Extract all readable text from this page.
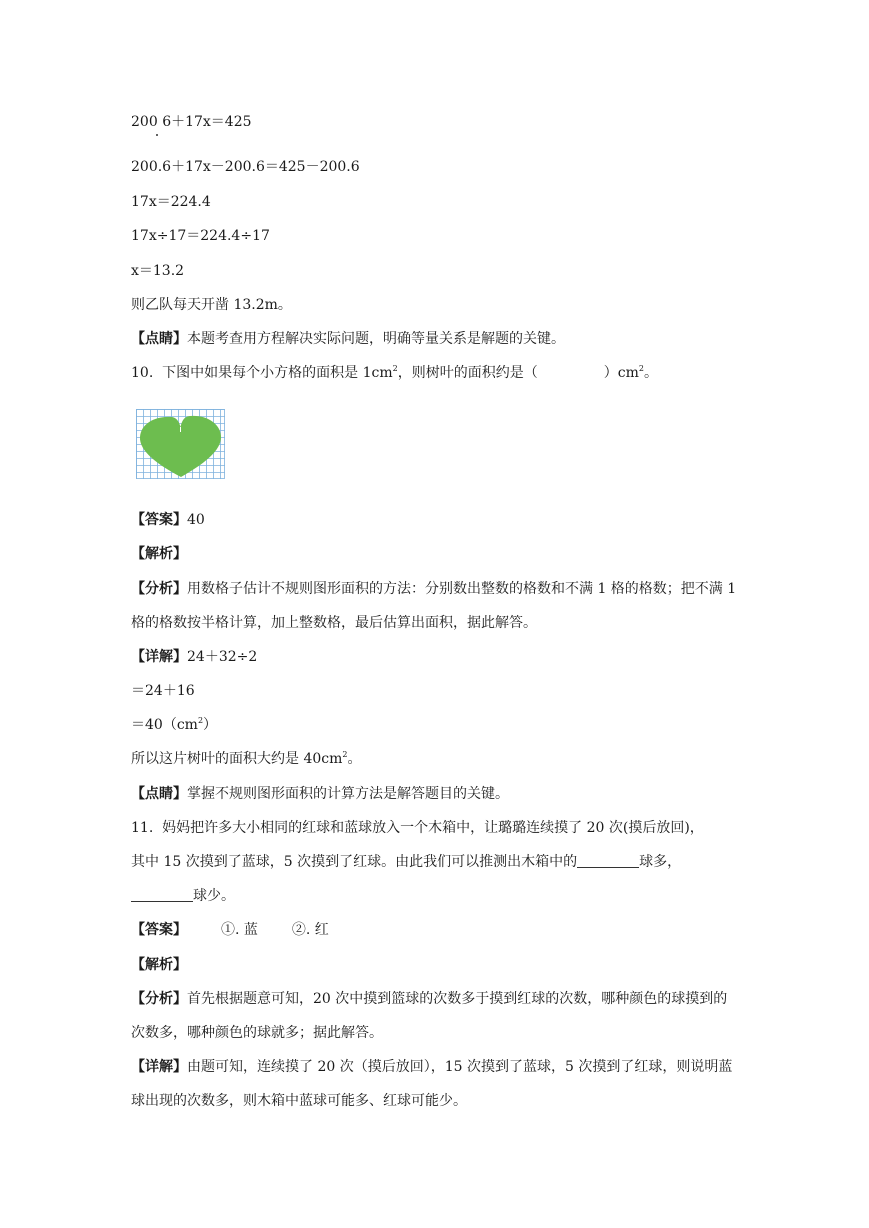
200 6＋17x＝425
200.6＋17x－200.6＝425－200.6
17x＝224.4
17x÷17＝224.4÷17
x＝13.2
则乙队每天开凿 13.2m。
【点睛】本题考查用方程解决实际问题，明确等量关系是解题的关键。
10. 下图中如果每个小方格的面积是 $1cm^2$，则树叶的面积约是（	）$cm^2$。
【答案】40
【解析】
【分析】用数格子估计不规则图形面积的方法：分别数出整数的格数和不满 1 格的格数；把不满 1 格的格数按半格计算，加上整数格，最后估算出面积，据此解答。
【详解】24＋32÷2
＝24＋16
$=40(cm^2)$
所以这片树叶的面积大约是 $40cm^2$。
【点睛】掌握不规则图形面积的计算方法是解答题目的关键。
11. 妈妈把许多大小相同的红球和蓝球放入一个木箱中，让璐璐连续摸了 20 次(摸后放回)，
其中 15 次摸到了蓝球，5 次摸到了红球。由此我们可以推测出木箱中的	球多，
球少。
【答案】 ①. 蓝 ②. 红
【解析】
【分析】首先根据题意可知，20 次中摸到篮球的次数多于摸到红球的次数，哪种颜色的球摸到的次数多，哪种颜色的球就多；据此解答。
【详解】由题可知，连续摸了 20 次（摸后放回），15 次摸到了蓝球，5 次摸到了红球，则说明蓝球出现的次数多，则木箱中蓝球可能多、红球可能少。
